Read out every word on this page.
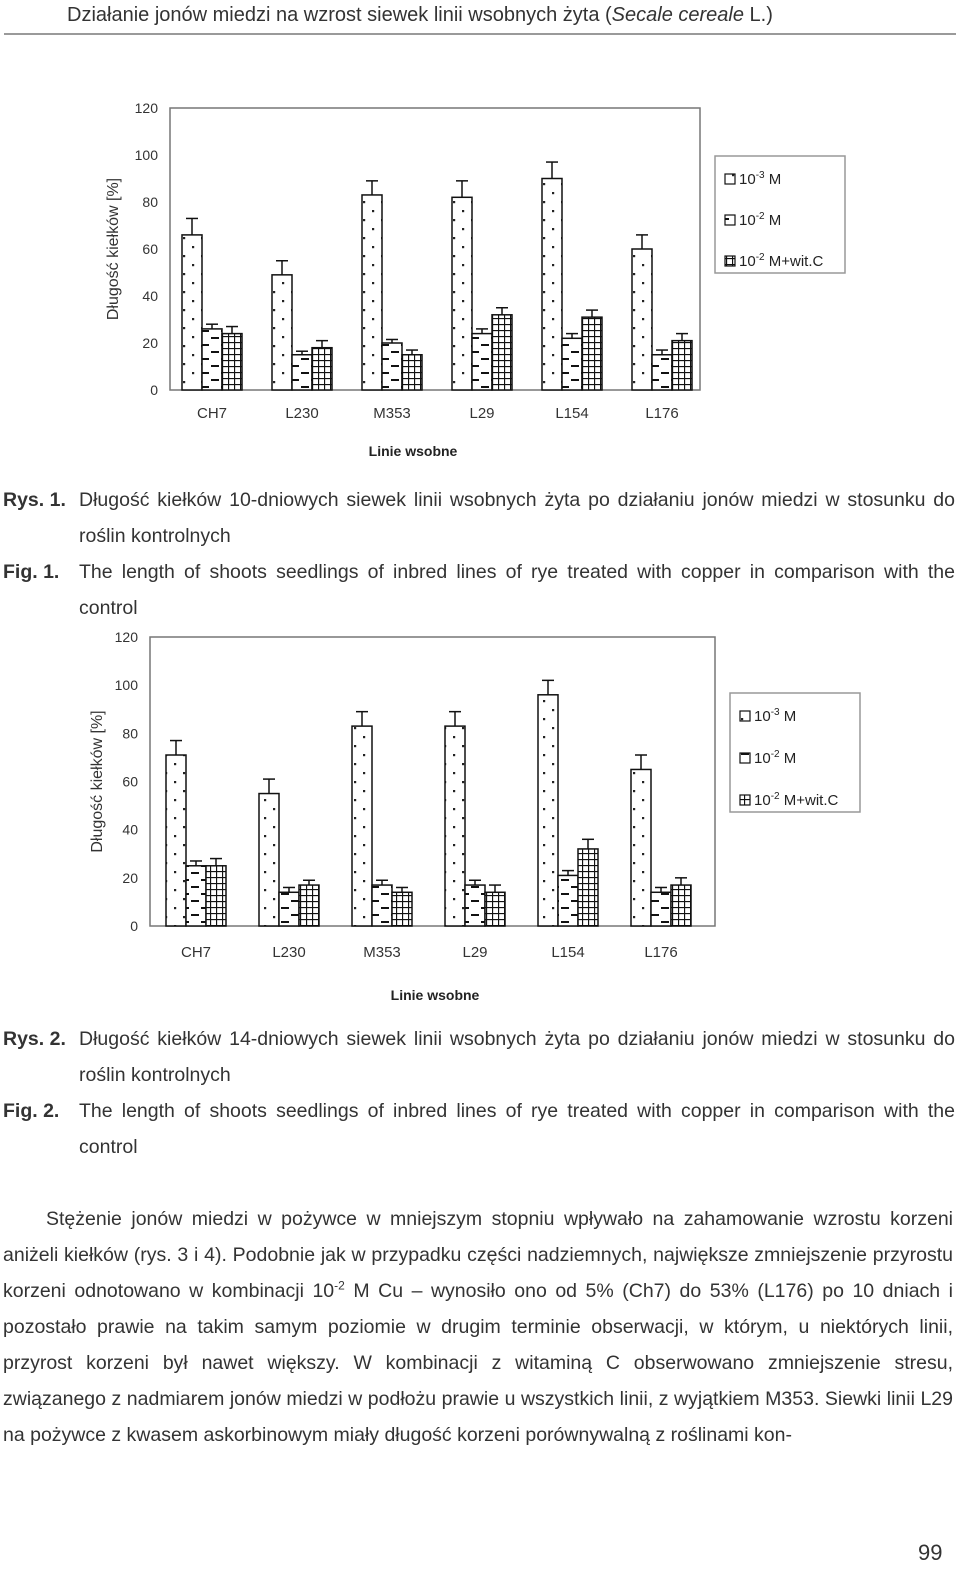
Działanie jonów miedzi na wzrost siewek linii wsobnych żyta (Secale cereale L.)
0
20
40
60
80
100
120
Długość kiełków [%]
Linie wsobne
CH7	L230	M353	L29	L154	L176
$10^{-3}$ M
$10^{-2}$ M
$10^{-2}$ M+wit.C
Rys. 1. Długość kiełków 10-dniowych siewek linii wsobnych żyta po działaniu jonów miedzi w stosunku do roślin kontrolnych
Fig. 1.	The length of shoots seedlings of inbred lines of rye treated with copper in comparison with the control
0
20
40
60
80
100
120
Długość kiełków [%]
Linie wsobne
CH7	L230	M353	L29	L154	L176
$10^{-3}$ M
$10^{-2}$ M
$10^{-2}$ M+wit.C
Rys. 2. Długość kiełków 14-dniowych siewek linii wsobnych żyta po działaniu jonów miedzi w stosunku do roślin kontrolnych
Fig. 2.	The length of shoots seedlings of inbred lines of rye treated with copper in comparison with the control

Stężenie jonów miedzi w pożywce w mniejszym stopniu wpływało na zahamowanie wzrostu korzeni aniżeli kiełków (rys. 3 i 4). Podobnie jak w przypadku części nadziemnych, największe zmniejszenie przyrostu korzeni odnotowano w kombinacji $10^{-2}$ M Cu – wynosiło ono od 5% (Ch7) do 53% (L176) po 10 dniach i pozostało prawie na takim samym poziomie w drugim terminie obserwacji, w którym, u niektórych linii, przyrost korzeni był nawet większy. W kombinacji z witaminą C obserwowano zmniejszenie stresu, związanego z nadmiarem jonów miedzi w podłożu prawie u wszystkich linii, z wyjątkiem M353. Siewki linii L29 na pożywce z kwasem askorbinowym miały długość korzeni porównywalną z roślinami kon-

99
